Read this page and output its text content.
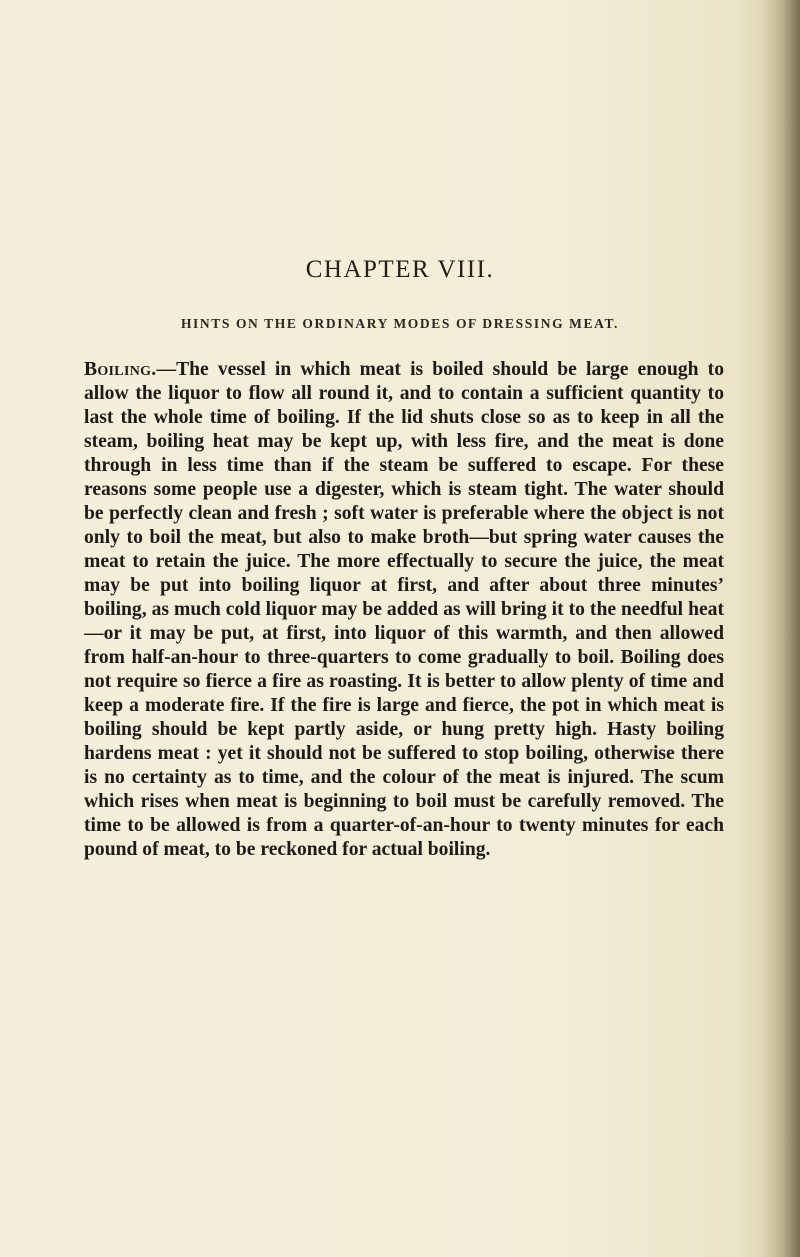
CHAPTER VIII.
HINTS ON THE ORDINARY MODES OF DRESSING MEAT.
Boiling.—The vessel in which meat is boiled should be large enough to allow the liquor to flow all round it, and to contain a sufficient quantity to last the whole time of boiling. If the lid shuts close so as to keep in all the steam, boiling heat may be kept up, with less fire, and the meat is done through in less time than if the steam be suffered to escape. For these reasons some people use a digester, which is steam tight. The water should be perfectly clean and fresh ; soft water is preferable where the object is not only to boil the meat, but also to make broth—but spring water causes the meat to retain the juice. The more effectually to secure the juice, the meat may be put into boiling liquor at first, and after about three minutes’ boiling, as much cold liquor may be added as will bring it to the needful heat—or it may be put, at first, into liquor of this warmth, and then allowed from half-an-hour to three-quarters to come gradually to boil. Boiling does not require so fierce a fire as roasting. It is better to allow plenty of time and keep a moderate fire. If the fire is large and fierce, the pot in which meat is boiling should be kept partly aside, or hung pretty high. Hasty boiling hardens meat : yet it should not be suffered to stop boiling, otherwise there is no certainty as to time, and the colour of the meat is injured. The scum which rises when meat is beginning to boil must be carefully removed. The time to be allowed is from a quarter-of-an-hour to twenty minutes for each pound of meat, to be reckoned for actual boiling.
